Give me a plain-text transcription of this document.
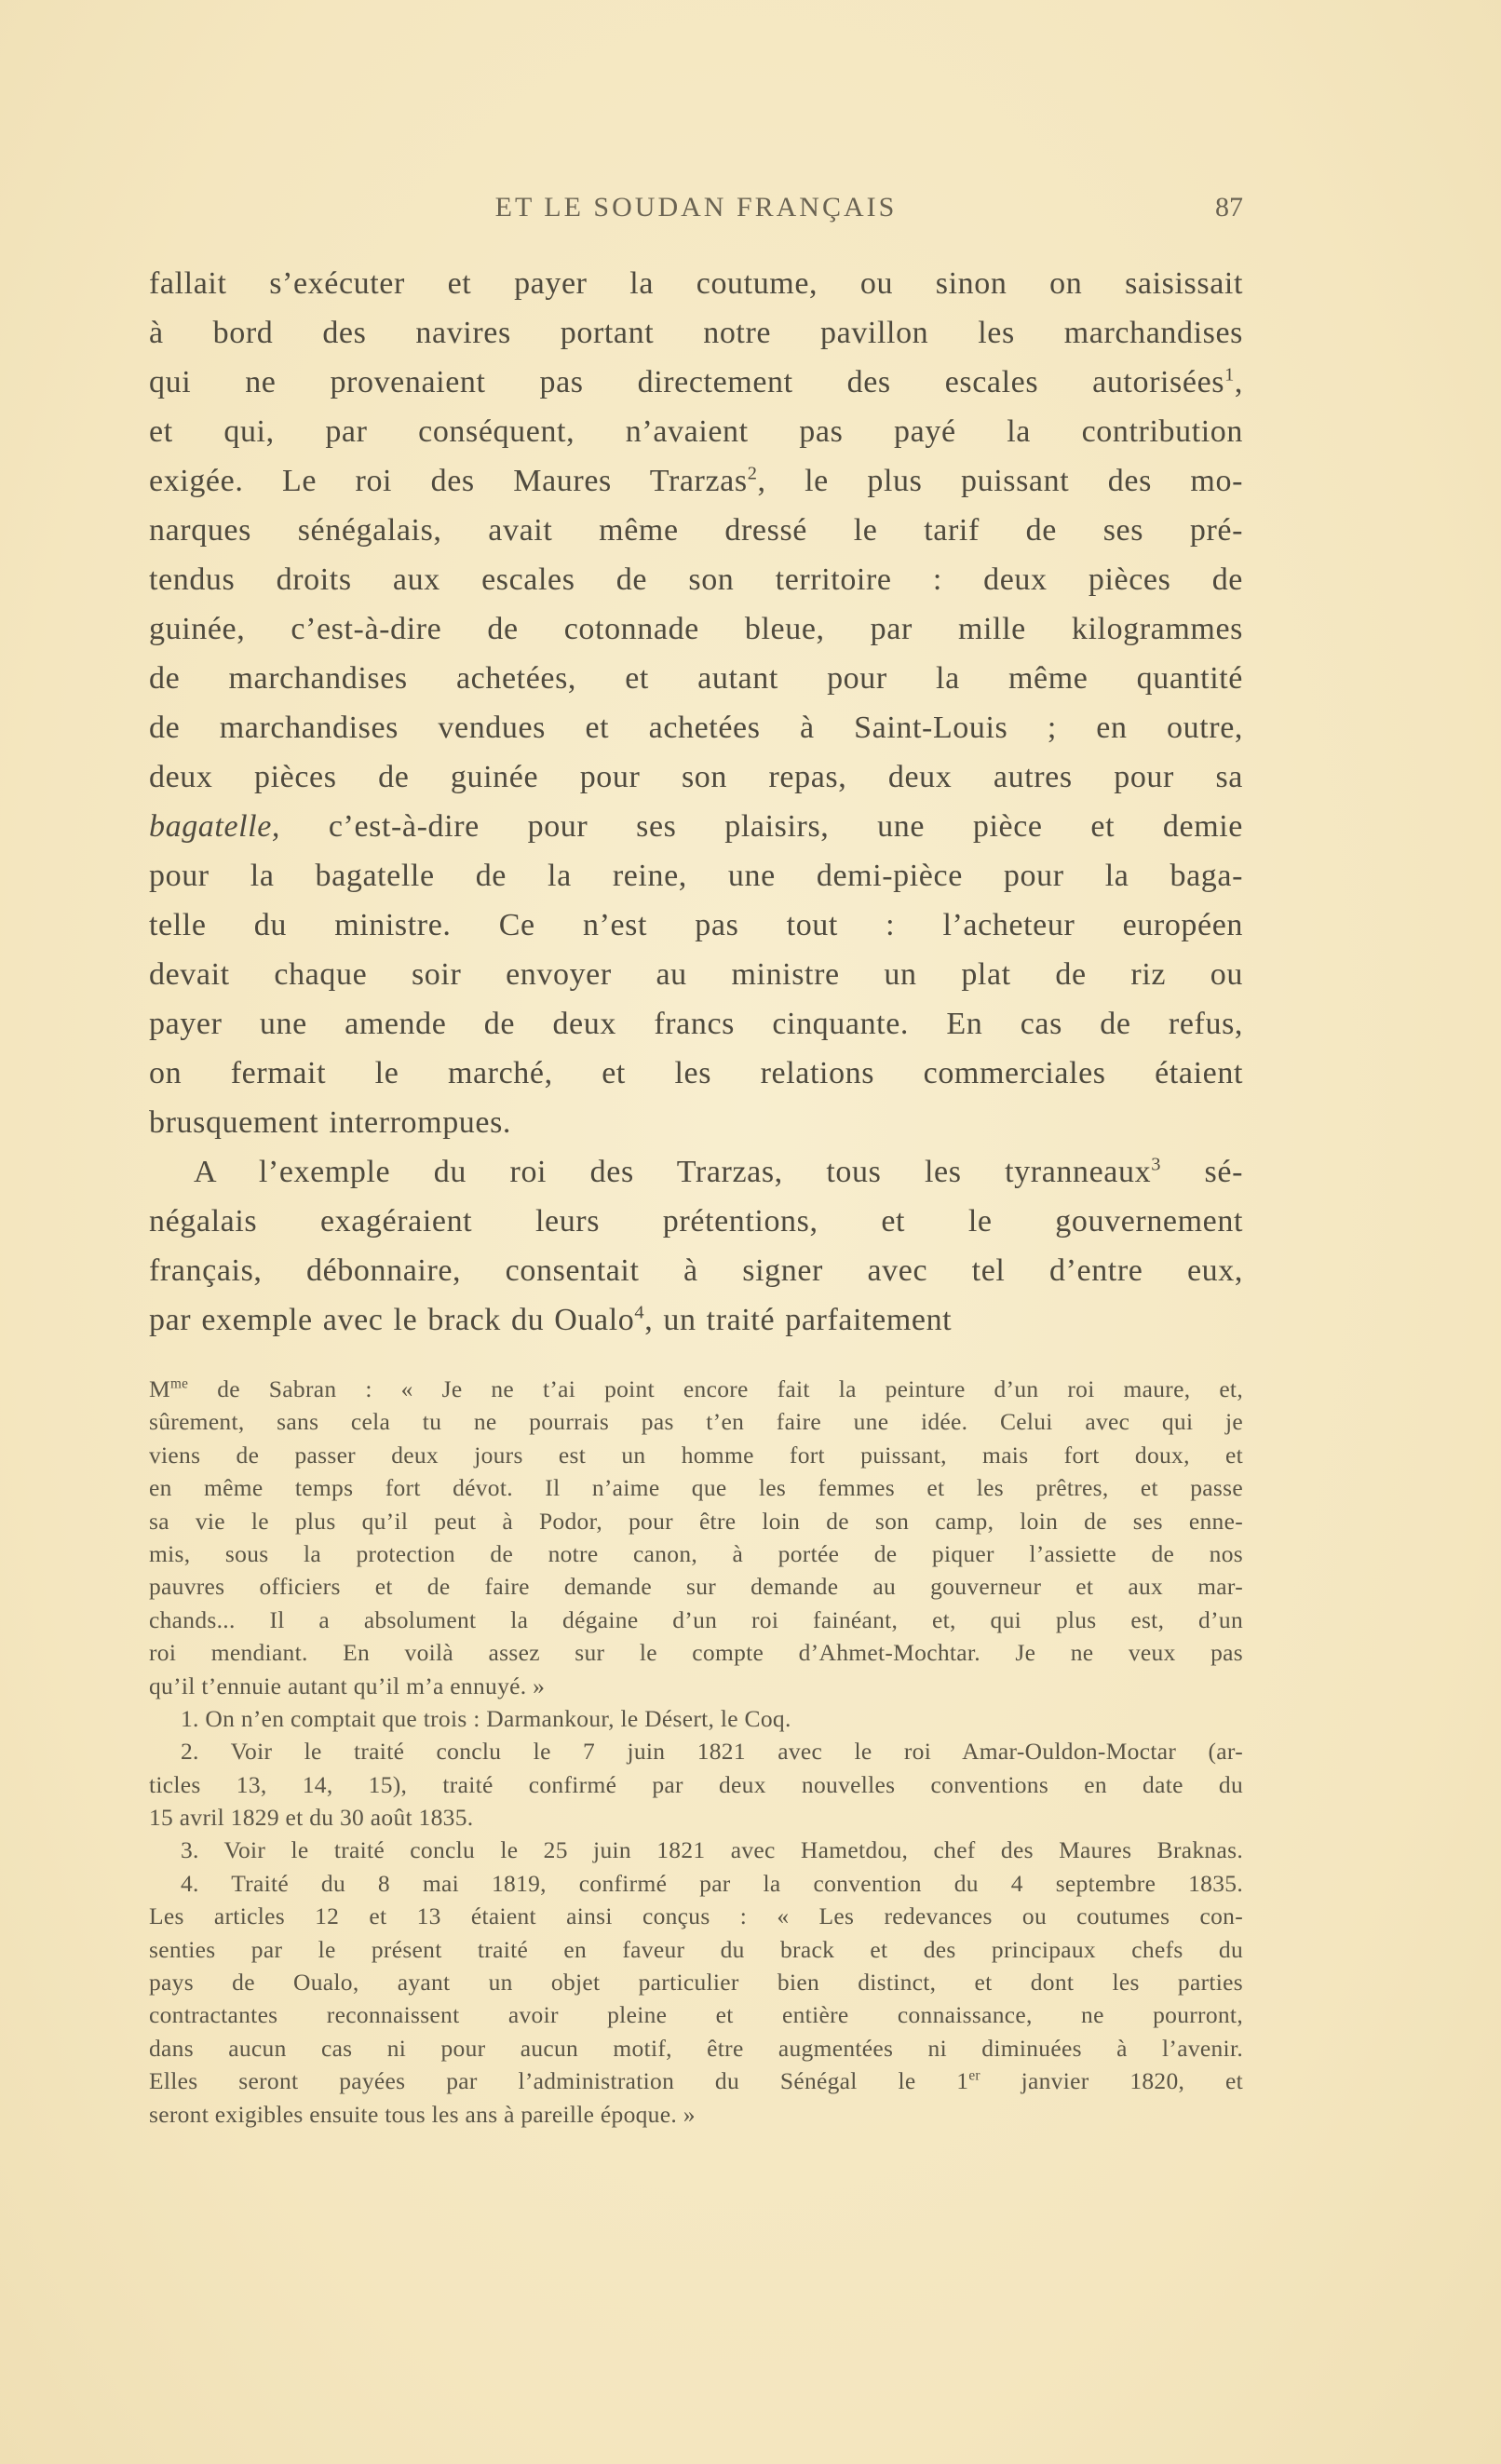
ET LE SOUDAN FRANÇAIS	87
fallait s’exécuter et payer la coutume, ou sinon on saisissait
à bord des navires portant notre pavillon les marchandises
qui ne provenaient pas directement des escales autorisées$^1$,
et qui, par conséquent, n’avaient pas payé la contribution
exigée. Le roi des Maures Trarzas$^2$, le plus puissant des mo-
narques sénégalais, avait même dressé le tarif de ses pré-
tendus droits aux escales de son territoire : deux pièces de
guinée, c’est-à-dire de cotonnade bleue, par mille kilogrammes
de marchandises achetées, et autant pour la même quantité
de marchandises vendues et achetées à Saint-Louis ; en outre,
deux pièces de guinée pour son repas, deux autres pour sa
bagatelle, c’est-à-dire pour ses plaisirs, une pièce et demie
pour la bagatelle de la reine, une demi-pièce pour la baga-
telle du ministre. Ce n’est pas tout : l’acheteur européen
devait chaque soir envoyer au ministre un plat de riz ou
payer une amende de deux francs cinquante. En cas de refus,
on fermait le marché, et les relations commerciales étaient
brusquement interrompues.
A l’exemple du roi des Trarzas, tous les tyranneaux$^3$ sé-
négalais exagéraient leurs prétentions, et le gouvernement
français, débonnaire, consentait à signer avec tel d’entre eux,
par exemple avec le brack du Oualo$^4$, un traité parfaitement
$M^{me}$ de Sabran : « Je ne t’ai point encore fait la peinture d’un roi maure, et,
sûrement, sans cela tu ne pourrais pas t’en faire une idée. Celui avec qui je
viens de passer deux jours est un homme fort puissant, mais fort doux, et
en même temps fort dévot. Il n’aime que les femmes et les prêtres, et passe
sa vie le plus qu’il peut à Podor, pour être loin de son camp, loin de ses enne-
mis, sous la protection de notre canon, à portée de piquer l’assiette de nos
pauvres officiers et de faire demande sur demande au gouverneur et aux mar-
chands... Il a absolument la dégaine d’un roi fainéant, et, qui plus est, d’un
roi mendiant. En voilà assez sur le compte d’Ahmet-Mochtar. Je ne veux pas
qu’il t’ennuie autant qu’il m’a ennuyé. »
1. On n’en comptait que trois : Darmankour, le Désert, le Coq.
2. Voir le traité conclu le 7 juin 1821 avec le roi Amar-Ouldon-Moctar (ar-
ticles 13, 14, 15), traité confirmé par deux nouvelles conventions en date du
15 avril 1829 et du 30 août 1835.
3. Voir le traité conclu le 25 juin 1821 avec Hametdou, chef des Maures Braknas.
4. Traité du 8 mai 1819, confirmé par la convention du 4 septembre 1835.
Les articles 12 et 13 étaient ainsi conçus : « Les redevances ou coutumes con-
senties par le présent traité en faveur du brack et des principaux chefs du
pays de Oualo, ayant un objet particulier bien distinct, et dont les parties
contractantes reconnaissent avoir pleine et entière connaissance, ne pourront,
dans aucun cas ni pour aucun motif, être augmentées ni diminuées à l’avenir.
Elles seront payées par l’administration du Sénégal le 1er janvier 1820, et
seront exigibles ensuite tous les ans à pareille époque. »
